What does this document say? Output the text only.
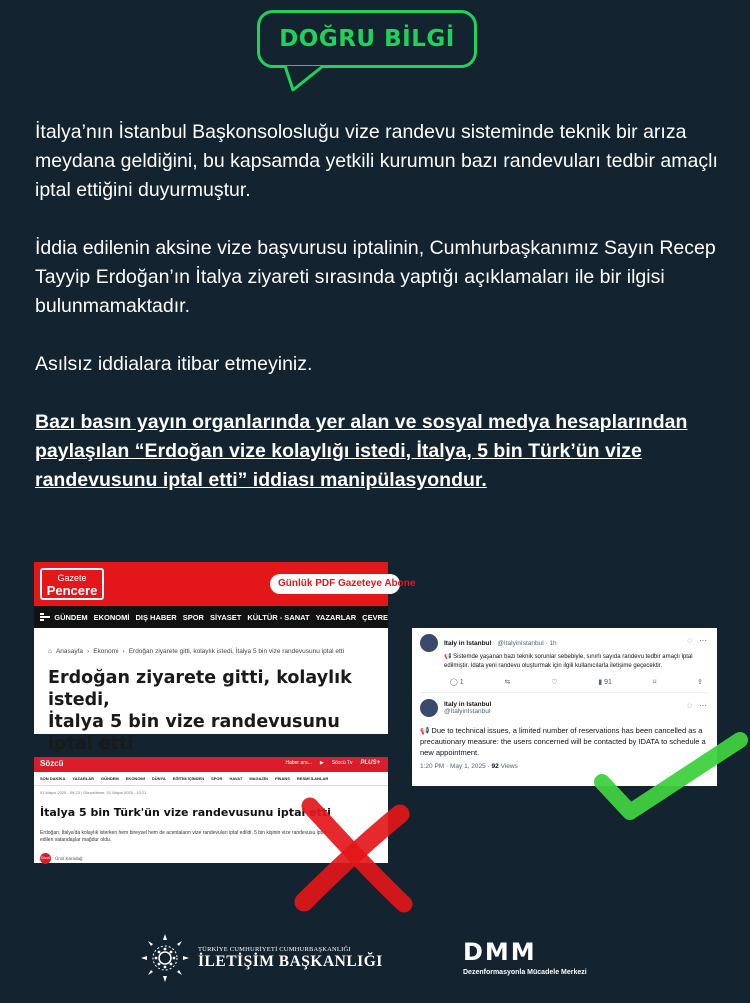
DOĞRU BİLGİ

İtalya’nın İstanbul Başkonsolosluğu vize randevu sisteminde teknik bir arıza meydana geldiğini, bu kapsamda yetkili kurumun bazı randevuları tedbir amaçlı iptal ettiğini duyurmuştur.

İddia edilenin aksine vize başvurusu iptalinin, Cumhurbaşkanımız Sayın Recep Tayyip Erdoğan’ın İtalya ziyareti sırasında yaptığı açıklamaları ile bir ilgisi bulunmamaktadır.

Asılsız iddialara itibar etmeyiniz.

Bazı basın yayın organlarında yer alan ve sosyal medya hesaplarından paylaşılan “Erdoğan vize kolaylığı istedi, İtalya, 5 bin Türk’ün vize randevusunu iptal etti” iddiası manipülasyondur.

Gazete
Pencere	Günlük PDF Gazeteye Abone
GÜNDEM EKONOMİ DIŞ HABER SPOR SİYASET KÜLTÜR - SANAT YAZARLAR ÇEVRE
⌂ Anasayfa › Ekonomi › Erdoğan ziyarete gitti, kolaylık istedi, İtalya 5 bin vize randevusunu iptal etti
Erdoğan ziyarete gitti, kolaylık istedi,
İtalya 5 bin vize randevusunu iptal etti
Sözcü	Haber ara... ▶ Sözcü Tv PLUS+
SON DAKİKA YAZARLAR GÜNDEM EKONOMİ DÜNYA EĞİTİM İÇİNDEN SPOR HAVAT MAGAZİN FİNANS RESMİ İLANLAR
01 Mayıs 2025 - 09:23 | Güncelleme: 01 Mayıs 2025 - 10:21
İtalya 5 bin Türk'ün vize randevusunu iptal etti
Erdoğan, İtalya'da kolaylık isterken hem bireysel hem de acentaların vize randevuları iptal edildi. 5 bin kişinin vize randevusu iptal edilen vatandaşlar mağdur oldu.
Sözcü Ümit Karadağ
Italy in Istanbul @ItalyinIstanbul · 1h	◌ ···
📢 Sistemde yaşanan bazı teknik sorunlar sebebiyle, sınırlı sayıda randevu tedbir amaçlı iptal edilmiştir. Idata yeni randevu oluşturmak için ilgili kullanıcılarla iletişime geçecektir.
◯ 1	⇆	♡	▮ 91	⌑	⇪
Italy in Istanbul
@ItalyinIstanbul
◌ ···
📢 Due to technical issues, a limited number of reservations has been cancelled as a precautionary measure: the users concerned will be contacted by IDATA to schedule a new appointment.
1:20 PM · May 1, 2025 · 92 Views
TÜRKİYE CUMHURİYETİ CUMHURBAŞKANLIĞI
İLETİŞİM BAŞKANLIĞI	DMM
Dezenformasyonla Mücadele Merkezi
